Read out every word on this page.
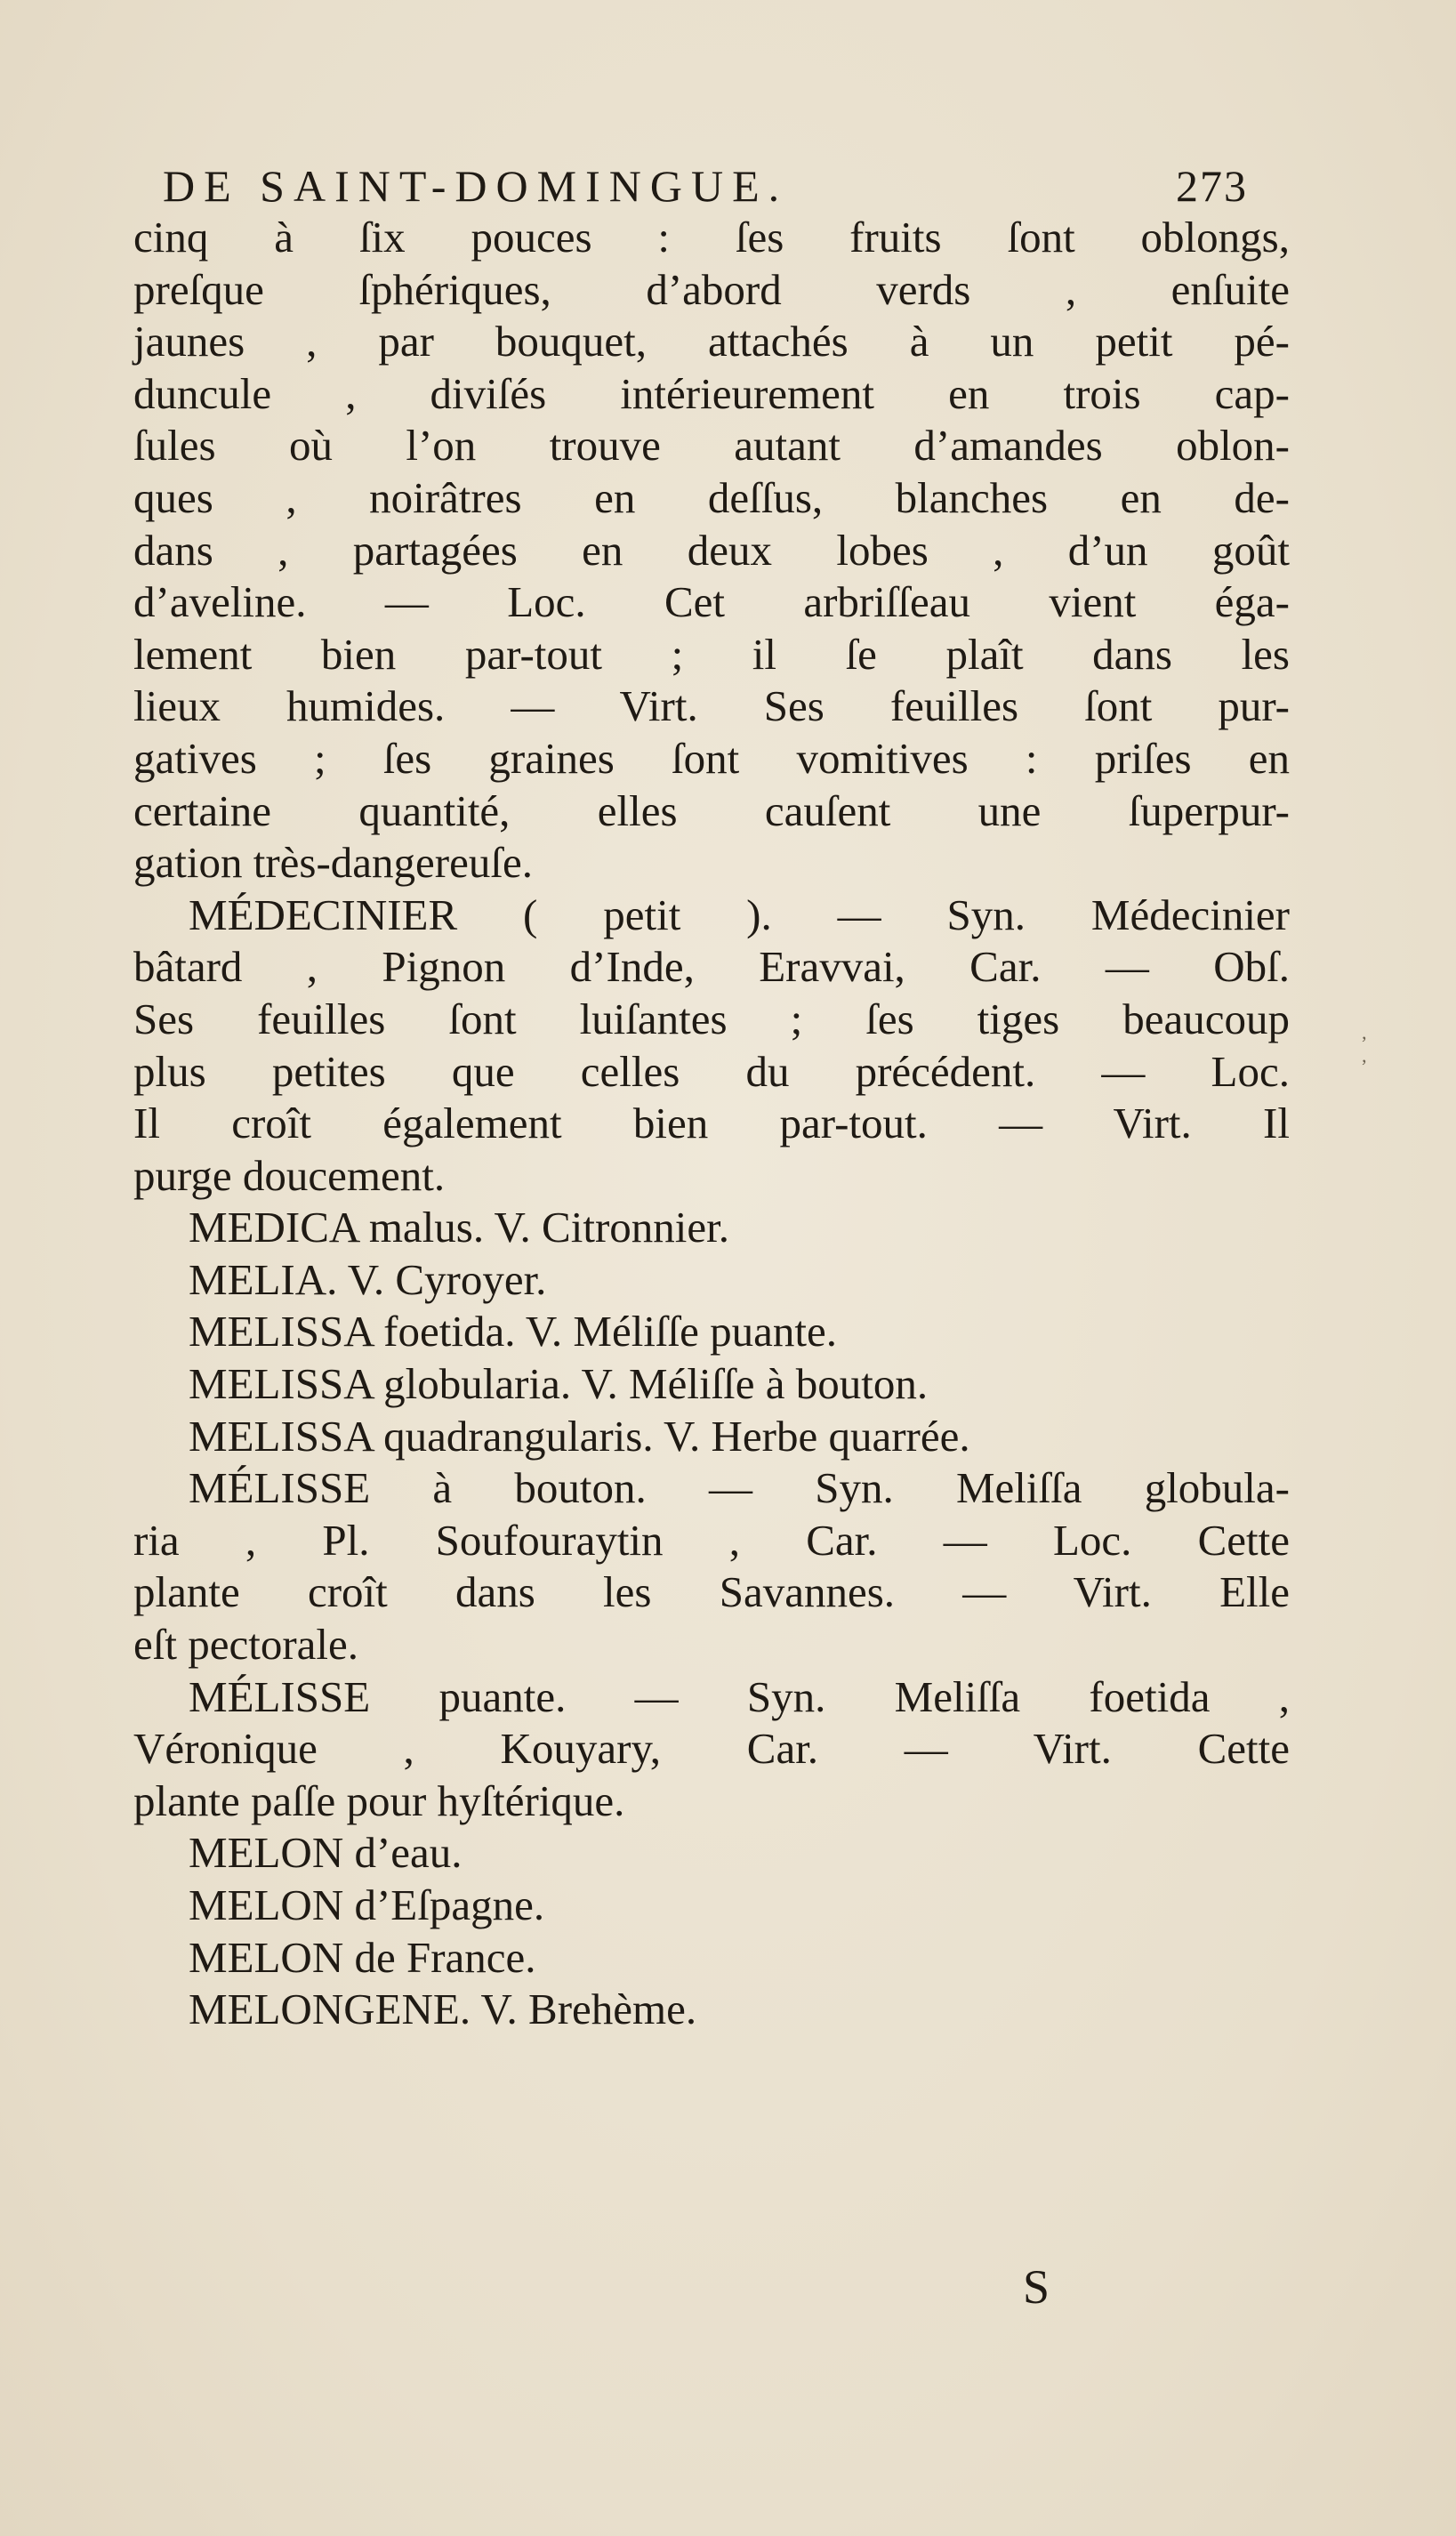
DE SAINT-DOMINGUE.	273
cinq à ſix pouces : ſes fruits ſont oblongs,
preſque ſphériques, d’abord verds , enſuite
jaunes , par bouquet, attachés à un petit pé-
duncule , diviſés intérieurement en trois cap-
ſules où l’on trouve autant d’amandes oblon-
ques , noirâtres en deſſus, blanches en de-
dans , partagées en deux lobes , d’un goût
d’aveline. — Loc. Cet arbriſſeau vient éga-
lement bien par-tout ; il ſe plaît dans les
lieux humides. — Virt. Ses feuilles ſont pur-
gatives ; ſes graines ſont vomitives : priſes en
certaine quantité, elles cauſent une ſuperpur-
gation très-dangereuſe.
MÉDECINIER ( petit ). — Syn. Médecinier
bâtard , Pignon d’Inde, Eravvai, Car. — Obſ.
Ses feuilles ſont luiſantes ; ſes tiges beaucoup
plus petites que celles du précédent. — Loc.
Il croît également bien par-tout. — Virt. Il
purge doucement.
MEDICA malus. V. Citronnier.
MELIA. V. Cyroyer.
MELISSA foetida. V. Méliſſe puante.
MELISSA globularia. V. Méliſſe à bouton.
MELISSA quadrangularis. V. Herbe quarrée.
MÉLISSE à bouton. — Syn. Meliſſa globula-
ria , Pl. Soufouraytin , Car. — Loc. Cette
plante croît dans les Savannes. — Virt. Elle
eſt pectorale.
MÉLISSE puante. — Syn. Meliſſa foetida ,
Véronique , Kouyary, Car. — Virt. Cette
plante paſſe pour hyſtérique.
MELON d’eau.
MELON d’Eſpagne.
MELON de France.
MELONGENE. V. Brehème.
‚ ‚
S
